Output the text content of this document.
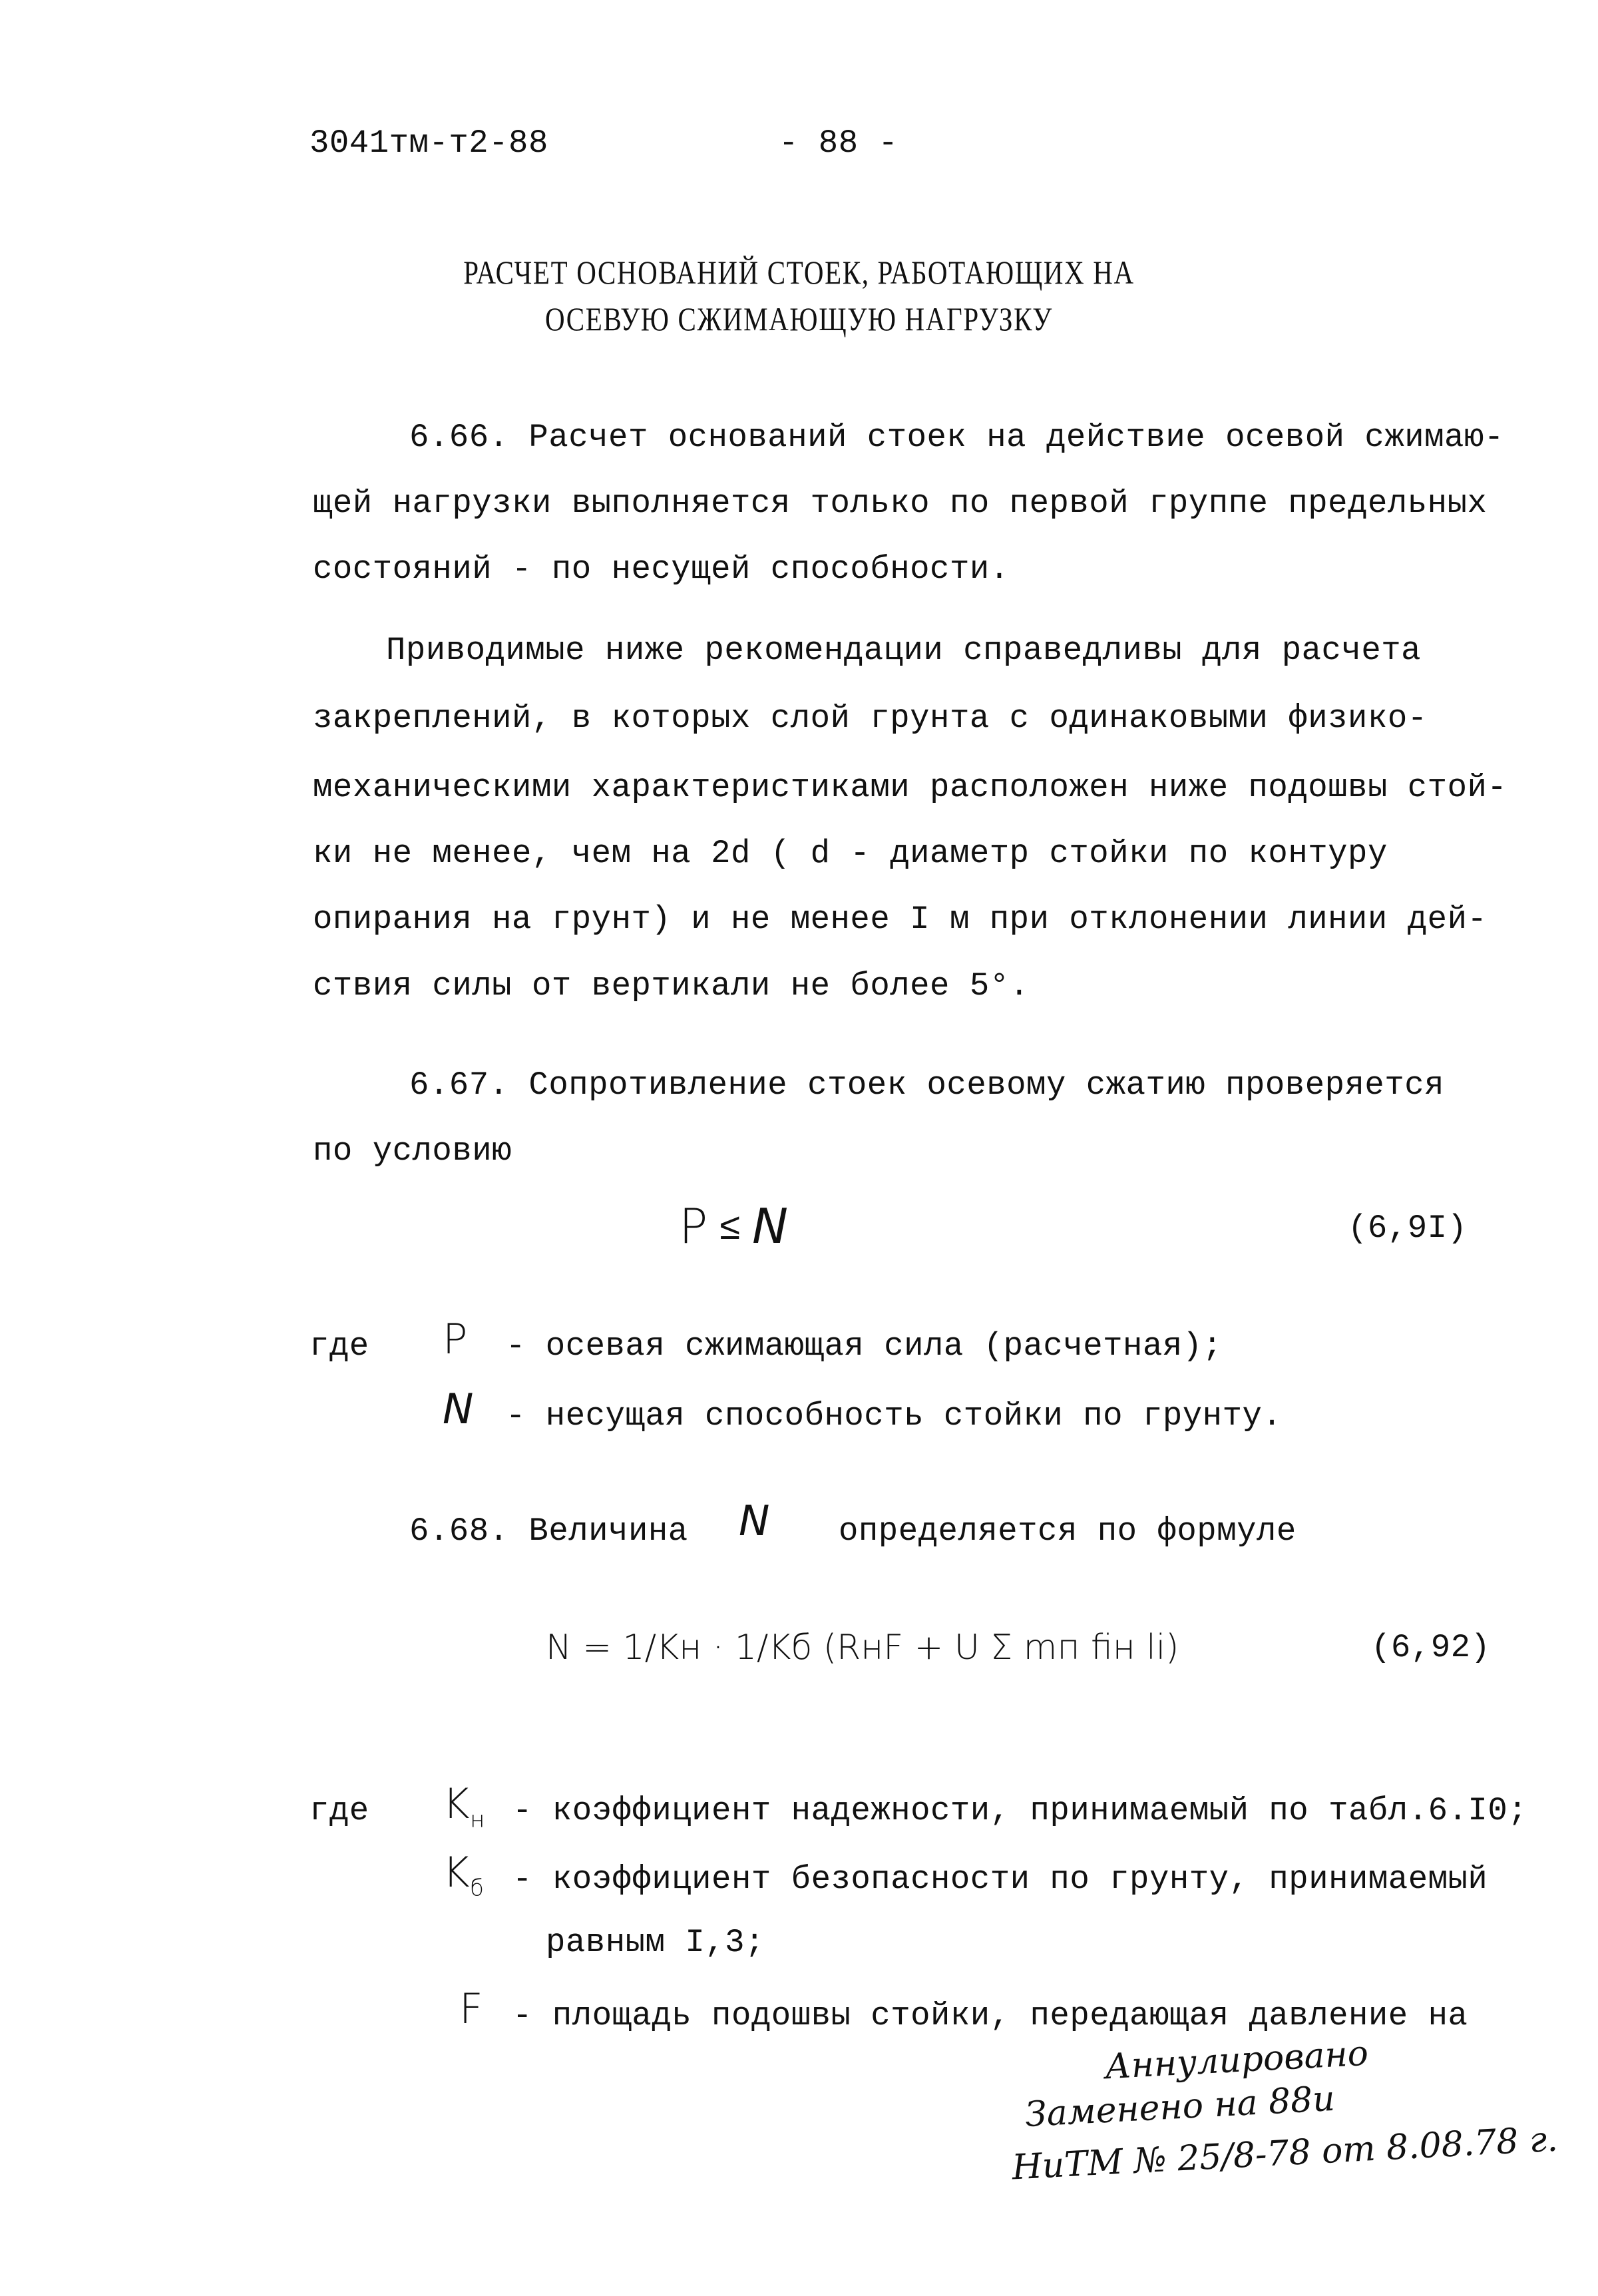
3041тм-т2-88	- 88 -
РАСЧЕТ ОСНОВАНИЙ СТОЕК, РАБОТАЮЩИХ НА
ОСЕВУЮ СЖИМАЮЩУЮ НАГРУЗКУ
6.66. Расчет оснований стоек на действие осевой сжимаю-
щей нагрузки выполняется только по первой группе предельных
состояний - по несущей способности.
Приводимые ниже рекомендации справедливы для расчета
закреплений, в которых слой грунта с одинаковыми физико-
механическими характеристиками расположен ниже подошвы стой-
ки не менее, чем на 2d ( d - диаметр стойки по контуру
опирания на грунт) и не менее I м при отклонении линии дей-
ствия силы от вертикали не более 5°.
6.67. Сопротивление стоек осевому сжатию проверяется
по условию
P ≤ N	(6,9I)
где P - осевая сжимающая сила (расчетная);
N - несущая способность стойки по грунту.
6.68. Величина N определяется по формуле
N = 1/Kн · 1/Kб (RнF + U Σ mп fiн li)	(6,92)
где $K_н$ - коэффициент надежности, принимаемый по табл.6.I0;
$K_б$ - коэффициент безопасности по грунту, принимаемый
равным I,3;
F - площадь подошвы стойки, передающая давление на
Аннулировано
Заменено на 88и
НиТМ № 25/8-78 от 8.08.78 г.
